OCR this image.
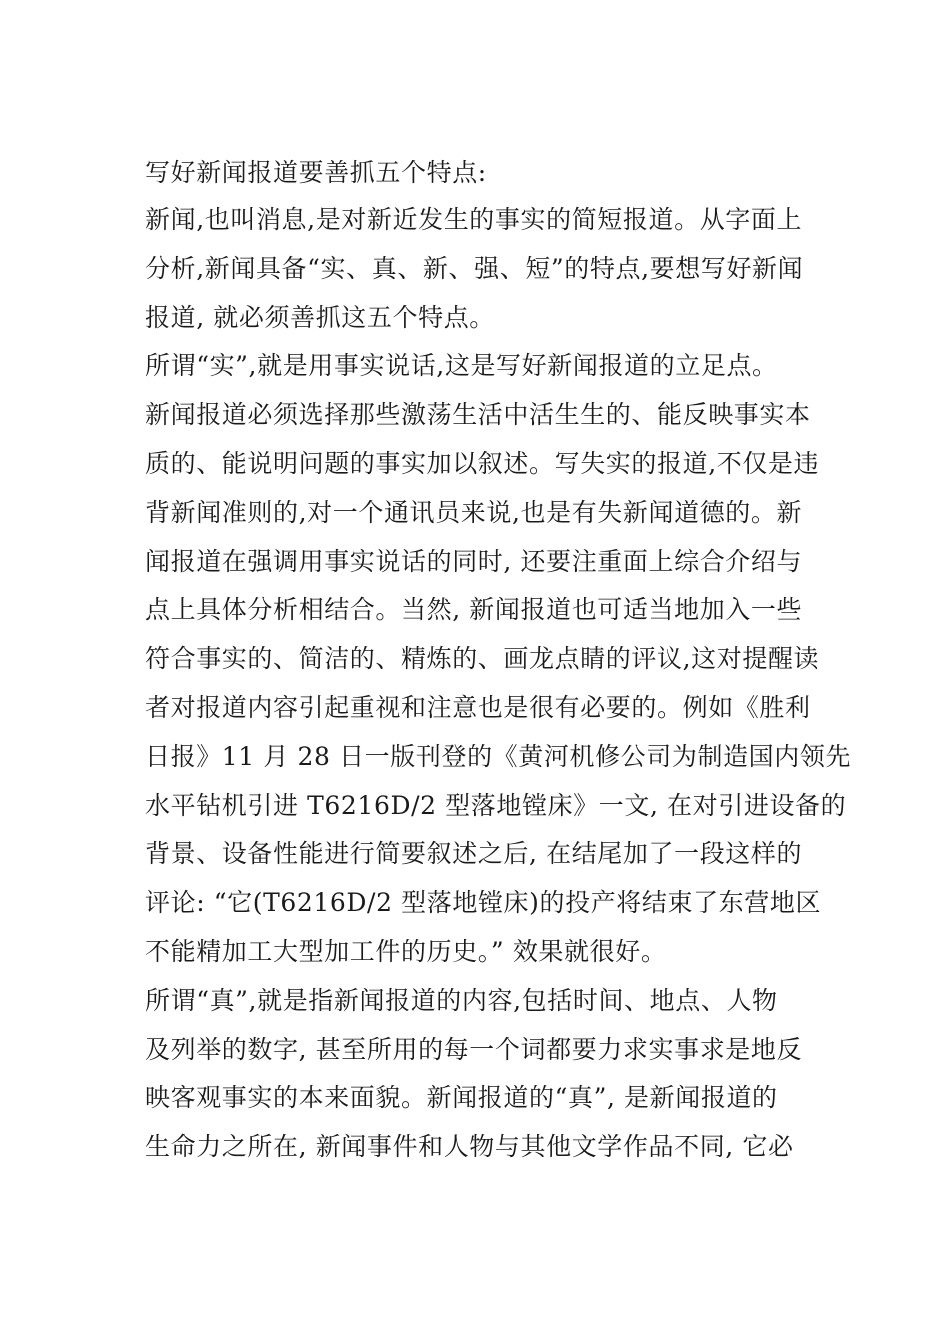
写好新闻报道要善抓五个特点:
新闻,也叫消息,是对新近发生的事实的简短报道。从字面上
分析,新闻具备“实、真、新、强、短”的特点,要想写好新闻
报道, 就必须善抓这五个特点。
所谓“实”,就是用事实说话,这是写好新闻报道的立足点。
新闻报道必须选择那些激荡生活中活生生的、能反映事实本
质的、能说明问题的事实加以叙述。写失实的报道,不仅是违
背新闻准则的,对一个通讯员来说,也是有失新闻道德的。新
闻报道在强调用事实说话的同时, 还要注重面上综合介绍与
点上具体分析相结合。当然, 新闻报道也可适当地加入一些
符合事实的、简洁的、精炼的、画龙点睛的评议,这对提醒读
者对报道内容引起重视和注意也是很有必要的。例如《胜利
日报》11 月 28 日一版刊登的《黄河机修公司为制造国内领先
水平钻机引进 T6216D/2 型落地镗床》一文, 在对引进设备的
背景、设备性能进行简要叙述之后, 在结尾加了一段这样的
评论: “它(T6216D/2 型落地镗床)的投产将结束了东营地区
不能精加工大型加工件的历史。” 效果就很好。
所谓“真”,就是指新闻报道的内容,包括时间、地点、人物
及列举的数字, 甚至所用的每一个词都要力求实事求是地反
映客观事实的本来面貌。新闻报道的“真”, 是新闻报道的
生命力之所在, 新闻事件和人物与其他文学作品不同, 它必
